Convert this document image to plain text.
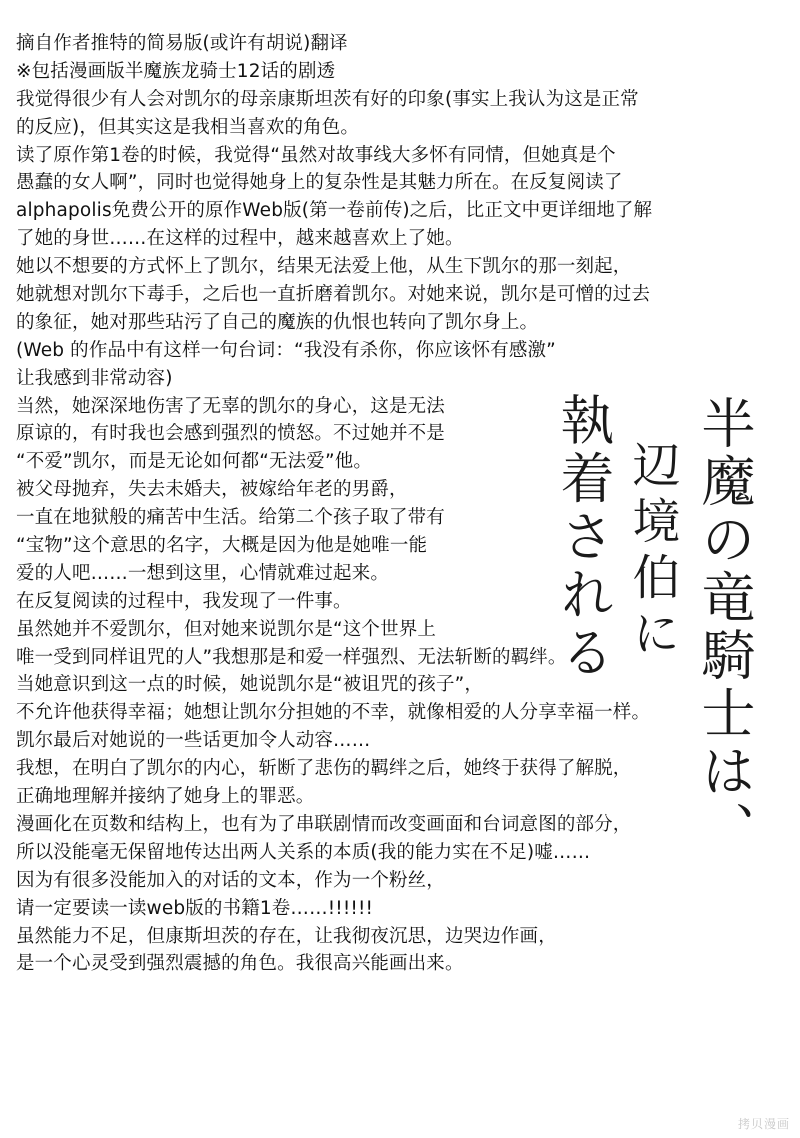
摘自作者推特的简易版(或许有胡说)翻译
※包括漫画版半魔族龙骑士12话的剧透
我觉得很少有人会对凯尔的母亲康斯坦茨有好的印象(事实上我认为这是正常
的反应)，但其实这是我相当喜欢的角色。
读了原作第1卷的时候，我觉得“虽然对故事线大多怀有同情，但她真是个
愚蠢的女人啊”，同时也觉得她身上的复杂性是其魅力所在。在反复阅读了
alphapolis免费公开的原作Web版(第一卷前传)之后，比正文中更详细地了解
了她的身世……在这样的过程中，越来越喜欢上了她。
她以不想要的方式怀上了凯尔，结果无法爱上他，从生下凯尔的那一刻起，
她就想对凯尔下毒手，之后也一直折磨着凯尔。对她来说，凯尔是可憎的过去
的象征，她对那些玷污了自己的魔族的仇恨也转向了凯尔身上。
(Web 的作品中有这样一句台词：“我没有杀你，你应该怀有感激”
让我感到非常动容)
当然，她深深地伤害了无辜的凯尔的身心，这是无法
原谅的，有时我也会感到强烈的愤怒。不过她并不是
“不爱”凯尔，而是无论如何都“无法爱”他。
被父母抛弃，失去未婚夫，被嫁给年老的男爵，
一直在地狱般的痛苦中生活。给第二个孩子取了带有
“宝物”这个意思的名字，大概是因为他是她唯一能
爱的人吧……一想到这里，心情就难过起来。
在反复阅读的过程中，我发现了一件事。
虽然她并不爱凯尔，但对她来说凯尔是“这个世界上
唯一受到同样诅咒的人”我想那是和爱一样强烈、无法斩断的羁绊。
当她意识到这一点的时候，她说凯尔是“被诅咒的孩子”，
不允许他获得幸福；她想让凯尔分担她的不幸，就像相爱的人分享幸福一样。
凯尔最后对她说的一些话更加令人动容……
我想，在明白了凯尔的内心，斩断了悲伤的羁绊之后，她终于获得了解脱，
正确地理解并接纳了她身上的罪恶。
漫画化在页数和结构上，也有为了串联剧情而改变画面和台词意图的部分，
所以没能毫无保留地传达出两人关系的本质(我的能力实在不足)嘘……
因为有很多没能加入的对话的文本，作为一个粉丝，
请一定要读一读web版的书籍1卷……!!!!!!
虽然能力不足，但康斯坦茨的存在，让我彻夜沉思，边哭边作画，
是一个心灵受到强烈震撼的角色。我很高兴能画出来。
半魔の竜騎士は、
辺境伯に
執着される
拷贝漫画
